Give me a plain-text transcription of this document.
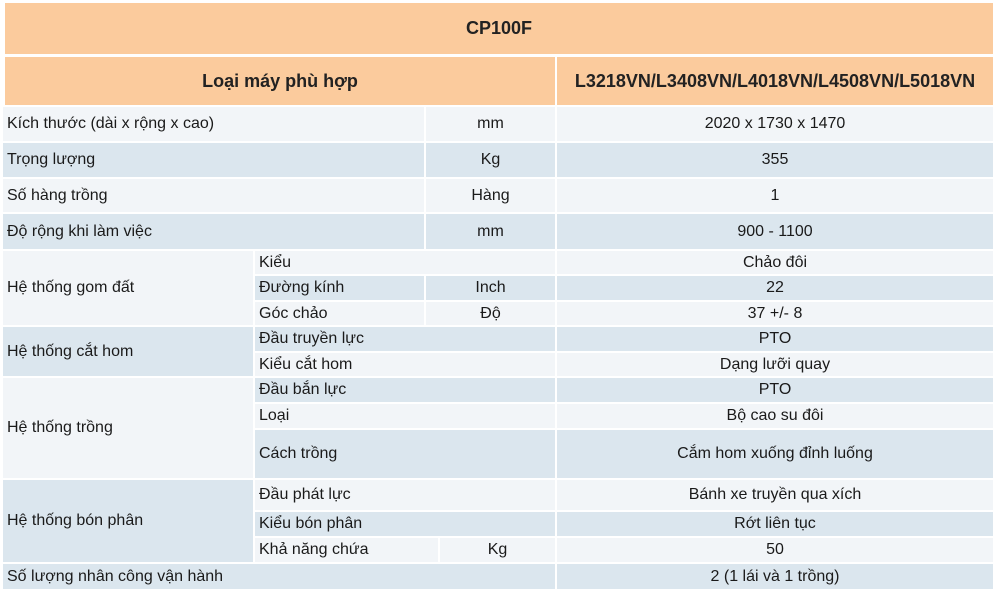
CP100F
Loại máy phù hợp	L3218VN/L3408VN/L4018VN/L4508VN/L5018VN
Kích thước (dài x rộng x cao)	mm	2020 x 1730 x 1470
Trọng lượng	Kg	355
Số hàng trồng	Hàng	1
Độ rộng khi làm việc	mm	900 - 1100
Hệ thống gom đất
Kiểu	Chảo đôi
Đường kính	Inch	22
Góc chảo	Độ	37 +/- 8
Hệ thống cắt hom
Đầu truyền lực	PTO
Kiểu cắt hom	Dạng lưỡi quay
Hệ thống trồng
Đầu bắn lực	PTO
Loại	Bộ cao su đôi
Cách trồng	Cắm hom xuống đỉnh luống
Hệ thống bón phân
Đầu phát lực	Bánh xe truyền qua xích
Kiểu bón phân	Rớt liên tục
Khả năng chứa	Kg	50
Số lượng nhân công vận hành	2 (1 lái và 1 trồng)
